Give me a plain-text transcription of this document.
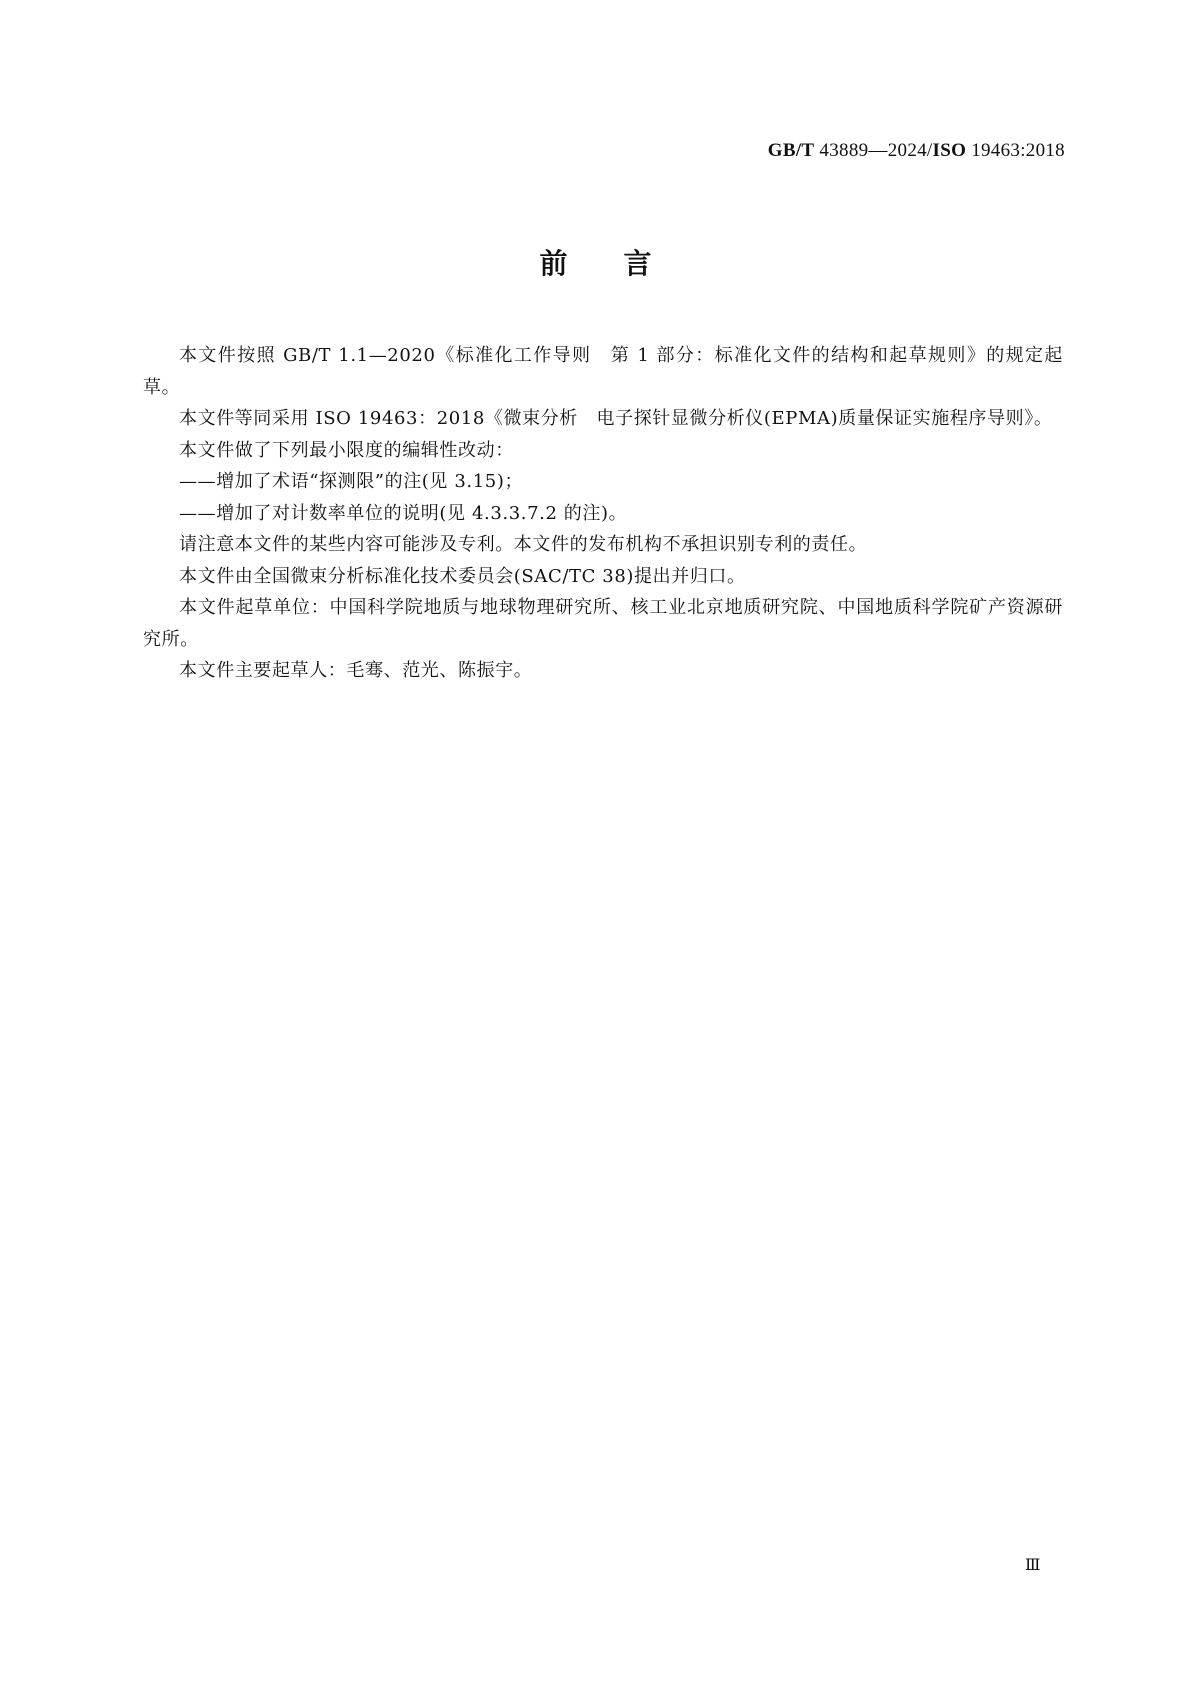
GB/T 43889—2024/ISO 19463:2018
前 言

本文件按照 GB/T 1.1—2020《标准化工作导则　第 1 部分：标准化文件的结构和起草规则》的规定起草。

本文件等同采用 ISO 19463：2018《微束分析　电子探针显微分析仪(EPMA)质量保证实施程序导则》。

本文件做了下列最小限度的编辑性改动：

——增加了术语“探测限”的注(见 3.15)；

——增加了对计数率单位的说明(见 4.3.3.7.2 的注)。

请注意本文件的某些内容可能涉及专利。本文件的发布机构不承担识别专利的责任。

本文件由全国微束分析标准化技术委员会(SAC/TC 38)提出并归口。

本文件起草单位：中国科学院地质与地球物理研究所、核工业北京地质研究院、中国地质科学院矿产资源研究所。

本文件主要起草人：毛骞、范光、陈振宇。

Ⅲ
